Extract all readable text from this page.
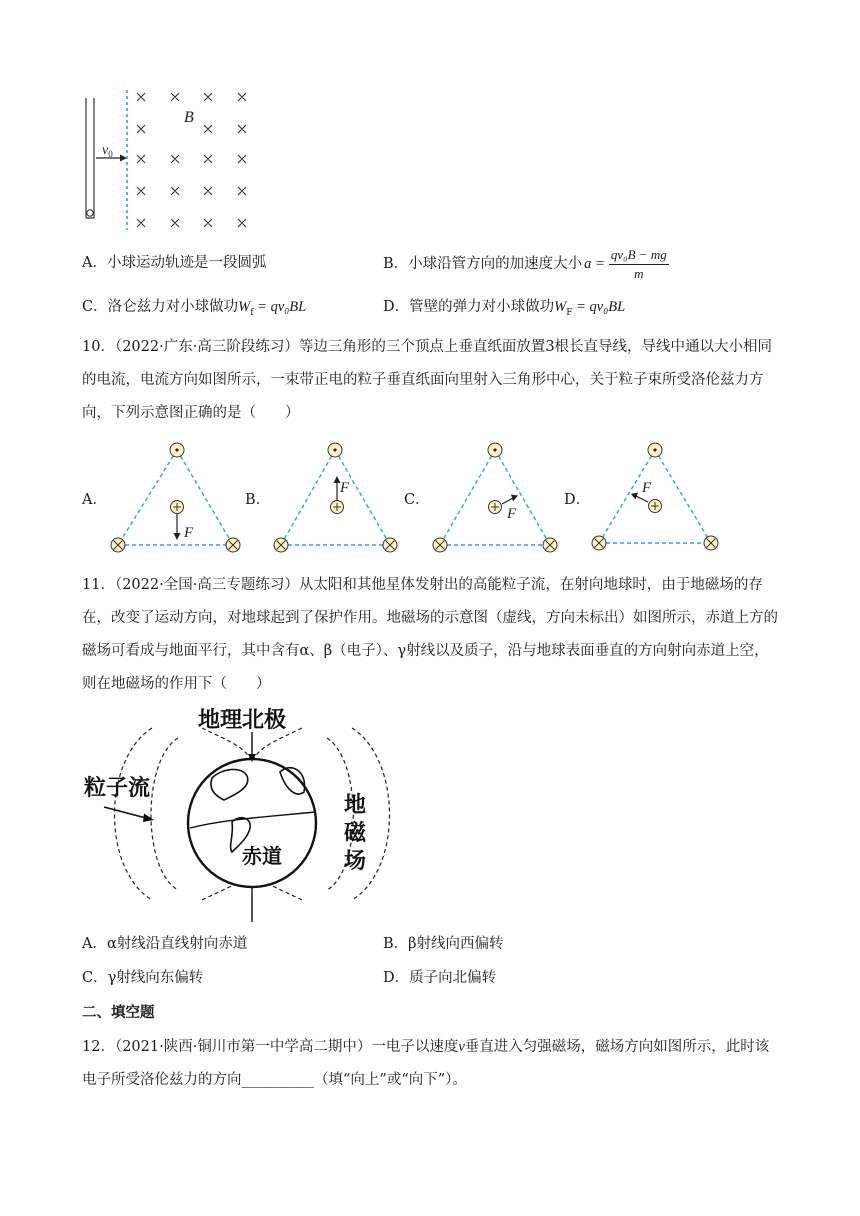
$v_0$
B
A．小球运动轨迹是一段圆弧	B． 小球沿管方向的加速度大小 $a = \frac{\text{qv₀B − mg}}{m}$
C．洛仑兹力对小球做功$W_f = qv_0BL$	D．管壁的弹力对小球做功$W_F = qv_0BL$
10．（2022·广东·高三阶段练习）等边三角形的三个顶点上垂直纸面放置3根长直导线，导线中通以大小相同的电流，电流方向如图所示，一束带正电的粒子垂直纸面向里射入三角形中心，关于粒子束所受洛伦兹力方向，下列示意图正确的是（　　）
A．
F
B．
F
C．
F
D．
F
11．（2022·全国·高三专题练习）从太阳和其他星体发射出的高能粒子流，在射向地球时，由于地磁场的存在，改变了运动方向，对地球起到了保护作用。地磁场的示意图（虚线，方向未标出）如图所示，赤道上方的磁场可看成与地面平行，其中含有α、β（电子）、γ射线以及质子，沿与地球表面垂直的方向射向赤道上空，则在地磁场的作用下（　　）
地理北极
粒子流
赤道
地
磁
场
A．α射线沿直线射向赤道	B．β射线向西偏转
C．γ射线向东偏转	D．质子向北偏转
二、填空题
12．（2021·陕西·铜川市第一中学高二期中）一电子以速度v垂直进入匀强磁场，磁场方向如图所示，此时该电子所受洛伦兹力的方向__________（填“向上”或“向下”）。
